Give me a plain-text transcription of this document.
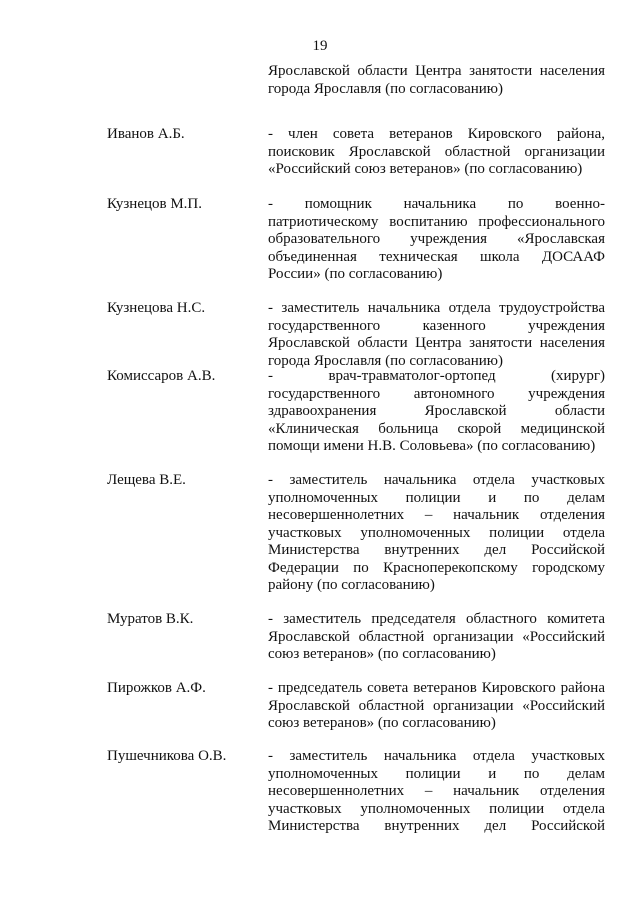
19
Ярославской области Центра занятости населения
города Ярославля (по согласованию)
Иванов А.Б.	- член совета ветеранов Кировского района,
поисковик Ярославской областной организации
«Российский союз ветеранов» (по согласованию)
Кузнецов М.П.	- помощник начальника по военно-
патриотическому воспитанию профессионального
образовательного учреждения «Ярославская
объединенная техническая школа ДОСААФ
России» (по согласованию)
Кузнецова Н.С.	- заместитель начальника отдела трудоустройства
государственного казенного учреждения
Ярославской области Центра занятости населения
города Ярославля (по согласованию)
Комиссаров А.В.	- врач-травматолог-ортопед (хирург)
государственного автономного учреждения
здравоохранения Ярославской области
«Клиническая больница скорой медицинской
помощи имени Н.В. Соловьева» (по согласованию)
Лещева В.Е.	- заместитель начальника отдела участковых
уполномоченных полиции и по делам
несовершеннолетних – начальник отделения
участковых уполномоченных полиции отдела
Министерства внутренних дел Российской
Федерации по Красноперекопскому городскому
району (по согласованию)
Муратов В.К.	- заместитель председателя областного комитета
Ярославской областной организации «Российский
союз ветеранов» (по согласованию)
Пирожков А.Ф.	- председатель совета ветеранов Кировского района
Ярославской областной организации «Российский
союз ветеранов» (по согласованию)
Пушечникова О.В.	- заместитель начальника отдела участковых
уполномоченных полиции и по делам
несовершеннолетних – начальник отделения
участковых уполномоченных полиции отдела
Министерства внутренних дел Российской
